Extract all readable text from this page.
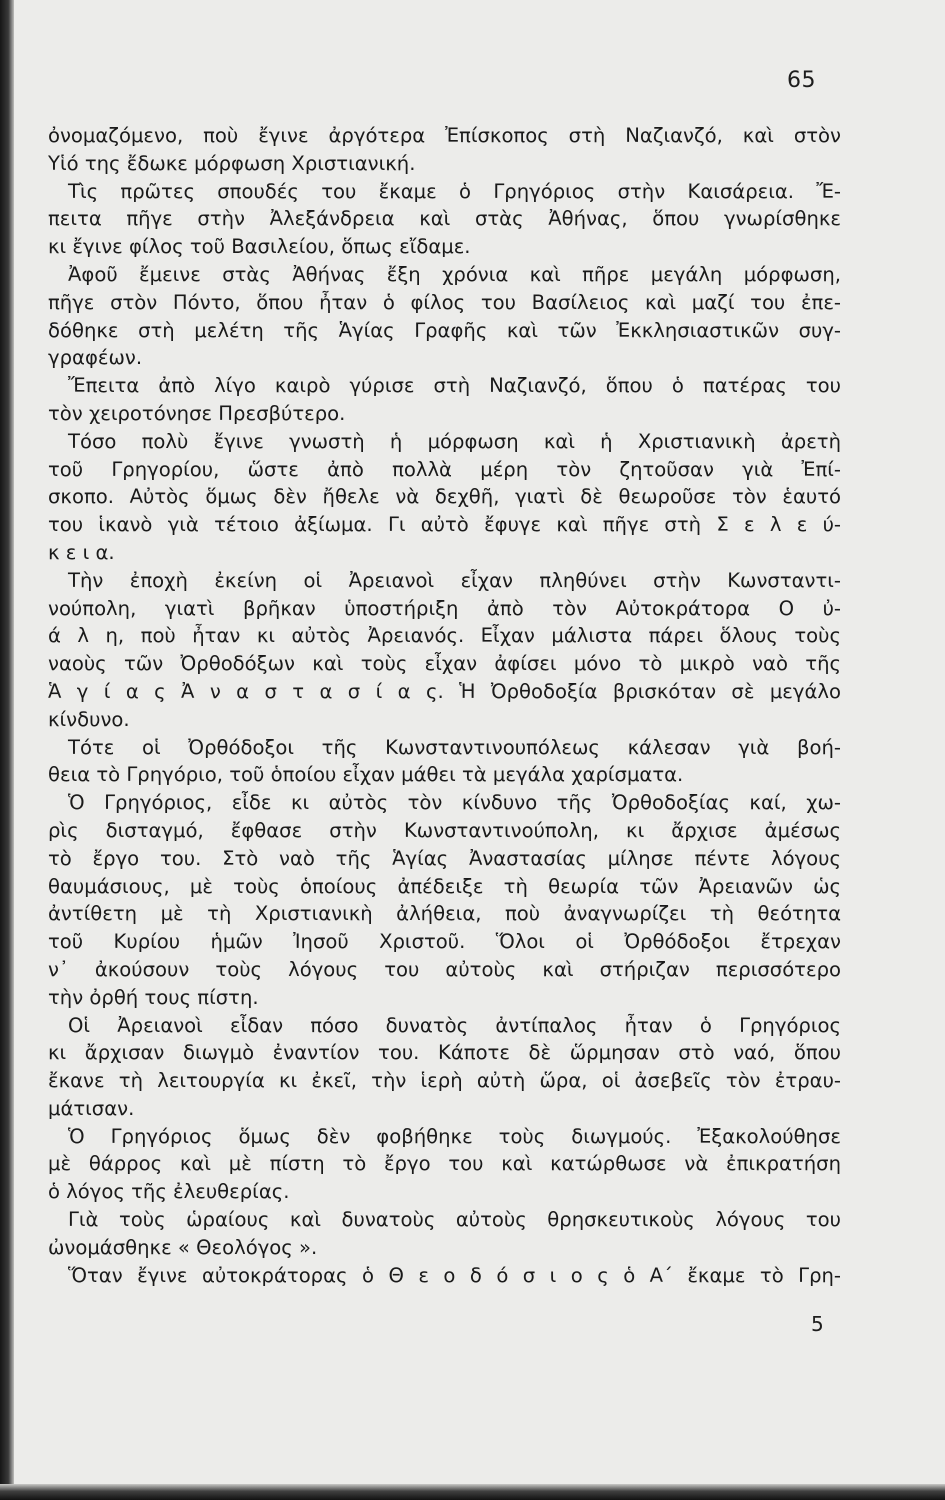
65
ὀνομαζόμενο, ποὺ ἔγινε ἀργότερα Ἐπίσκοπος στὴ Ναζιανζό, καὶ στὸν
Υἱό της ἔδωκε μόρφωση Χριστιανική.
Τὶς πρῶτες σπουδές του ἔκαμε ὁ Γρηγόριος στὴν Καισάρεια. Ἔ-
πειτα πῆγε στὴν Ἀλεξάνδρεια καὶ στὰς Ἀθήνας, ὅπου γνωρίσθηκε
κι ἔγινε φίλος τοῦ Βασιλείου, ὅπως εἴδαμε.
Ἀφοῦ ἔμεινε στὰς Ἀθήνας ἔξη χρόνια καὶ πῆρε μεγάλη μόρφωση,
πῆγε στὸν Πόντο, ὅπου ἦταν ὁ φίλος του Βασίλειος καὶ μαζί του ἐπε-
δόθηκε στὴ μελέτη τῆς Ἁγίας Γραφῆς καὶ τῶν Ἐκκλησιαστικῶν συγ-
γραφέων.
Ἔπειτα ἀπὸ λίγο καιρὸ γύρισε στὴ Ναζιανζό, ὅπου ὁ πατέρας του
τὸν χειροτόνησε Πρεσβύτερο.
Τόσο πολὺ ἔγινε γνωστὴ ἡ μόρφωση καὶ ἡ Χριστιανικὴ ἀρετὴ
τοῦ Γρηγορίου, ὥστε ἀπὸ πολλὰ μέρη τὸν ζητοῦσαν γιὰ Ἐπί-
σκοπο. Αὐτὸς ὅμως δὲν ἤθελε νὰ δεχθῆ, γιατὶ δὲ θεωροῦσε τὸν ἑαυτό
του ἱκανὸ γιὰ τέτοιο ἀξίωμα. Γι αὐτὸ ἔφυγε καὶ πῆγε στὴ Σ ε λ ε ύ-
κ ε ι α.
Τὴν ἐποχὴ ἐκείνη οἱ Ἀρειανοὶ εἶχαν πληθύνει στὴν Κωνσταντι-
νούπολη, γιατὶ βρῆκαν ὑποστήριξη ἀπὸ τὸν Αὐτοκράτορα Ο ὐ-
ά λ η, ποὺ ἦταν κι αὐτὸς Ἀρειανός. Εἶχαν μάλιστα πάρει ὅλους τοὺς
ναοὺς τῶν Ὀρθοδόξων καὶ τοὺς εἶχαν ἀφίσει μόνο τὸ μικρὸ ναὸ τῆς
Ἁ γ ί α ς Ἀ ν α σ τ α σ ί α ς. Ἡ Ὀρθοδοξία βρισκόταν σὲ μεγάλο
κίνδυνο.
Τότε οἱ Ὀρθόδοξοι τῆς Κωνσταντινουπόλεως κάλεσαν γιὰ βοή-
θεια τὸ Γρηγόριο, τοῦ ὁποίου εἶχαν μάθει τὰ μεγάλα χαρίσματα.
Ὁ Γρηγόριος, εἶδε κι αὐτὸς τὸν κίνδυνο τῆς Ὀρθοδοξίας καί, χω-
ρὶς δισταγμό, ἔφθασε στὴν Κωνσταντινούπολη, κι ἄρχισε ἀμέσως
τὸ ἔργο του. Στὸ ναὸ τῆς Ἁγίας Ἀναστασίας μίλησε πέντε λόγους
θαυμάσιους, μὲ τοὺς ὁποίους ἀπέδειξε τὴ θεωρία τῶν Ἀρειανῶν ὡς
ἀντίθετη μὲ τὴ Χριστιανικὴ ἀλήθεια, ποὺ ἀναγνωρίζει τὴ θεότητα
τοῦ Κυρίου ἡμῶν Ἰησοῦ Χριστοῦ. Ὅλοι οἱ Ὀρθόδοξοι ἔτρεχαν
ν᾽ ἀκούσουν τοὺς λόγους του αὐτοὺς καὶ στήριζαν περισσότερο
τὴν ὀρθή τους πίστη.
Οἱ Ἀρειανοὶ εἶδαν πόσο δυνατὸς ἀντίπαλος ἦταν ὁ Γρηγόριος
κι ἄρχισαν διωγμὸ ἐναντίον του. Κάποτε δὲ ὥρμησαν στὸ ναό, ὅπου
ἔκανε τὴ λειτουργία κι ἐκεῖ, τὴν ἱερὴ αὐτὴ ὥρα, οἱ ἀσεβεῖς τὸν ἐτραυ-
μάτισαν.
Ὁ Γρηγόριος ὅμως δὲν φοβήθηκε τοὺς διωγμούς. Ἐξακολούθησε
μὲ θάρρος καὶ μὲ πίστη τὸ ἔργο του καὶ κατώρθωσε νὰ ἐπικρατήση
ὁ λόγος τῆς ἐλευθερίας.
Γιὰ τοὺς ὡραίους καὶ δυνατοὺς αὐτοὺς θρησκευτικοὺς λόγους του
ὠνομάσθηκε « Θεολόγος ».
Ὅταν ἔγινε αὐτοκράτορας ὁ Θ ε ο δ ό σ ι ο ς ὁ Α΄ ἔκαμε τὸ Γρη-
5
